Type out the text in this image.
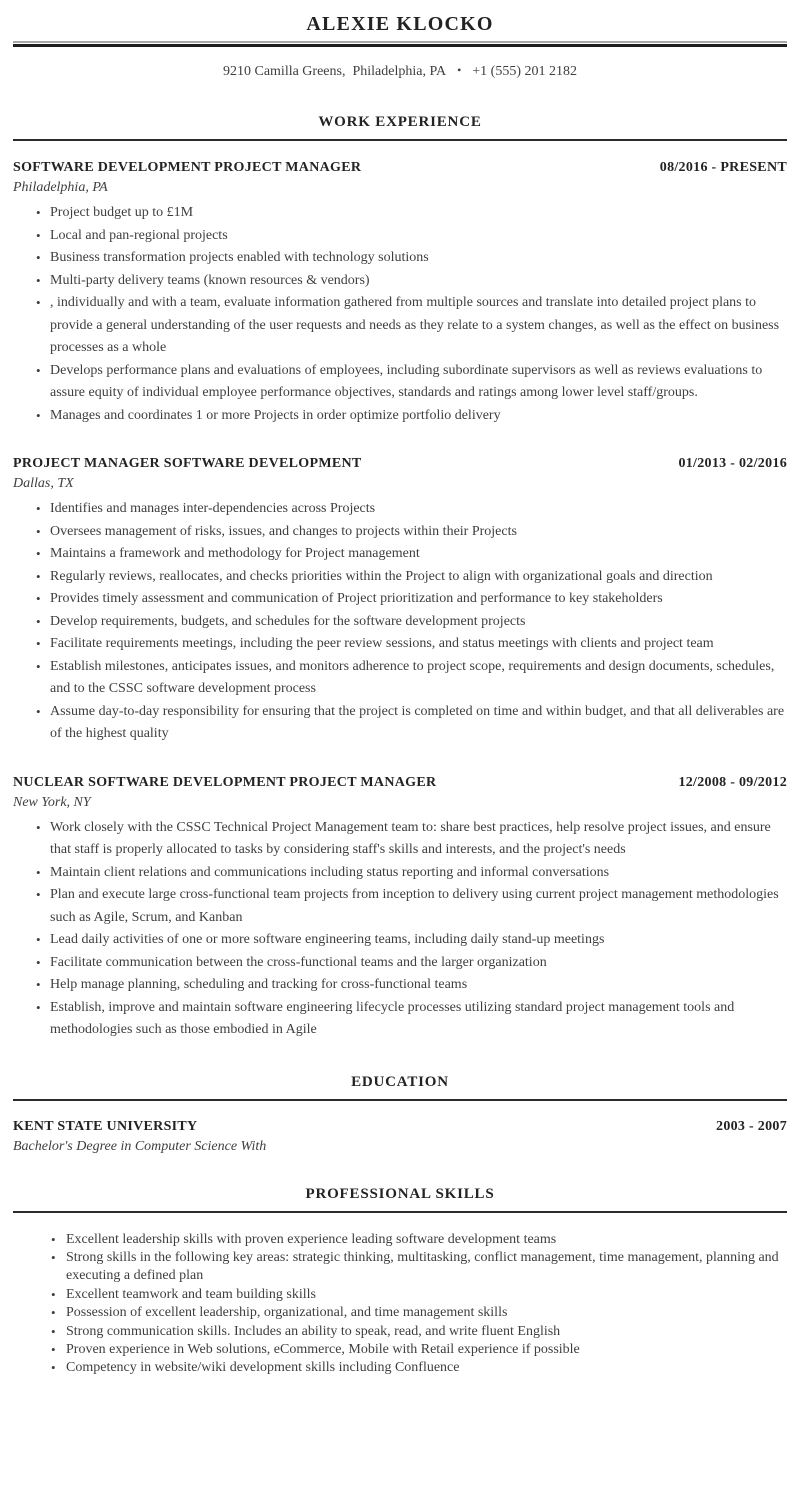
ALEXIE KLOCKO
9210 Camilla Greens,  Philadelphia, PA • +1 (555) 201 2182
WORK EXPERIENCE
SOFTWARE DEVELOPMENT PROJECT MANAGER	08/2016 - PRESENT
Philadelphia, PA
• Project budget up to £1M
• Local and pan-regional projects
• Business transformation projects enabled with technology solutions
• Multi-party delivery teams (known resources & vendors)
• , individually and with a team, evaluate information gathered from multiple sources and translate into detailed project plans to provide a general understanding of the user requests and needs as they relate to a system changes, as well as the effect on business processes as a whole
• Develops performance plans and evaluations of employees, including subordinate supervisors as well as reviews evaluations to assure equity of individual employee performance objectives, standards and ratings among lower level staff/groups.
• Manages and coordinates 1 or more Projects in order optimize portfolio delivery
PROJECT MANAGER SOFTWARE DEVELOPMENT	01/2013 - 02/2016
Dallas, TX
• Identifies and manages inter-dependencies across Projects
• Oversees management of risks, issues, and changes to projects within their Projects
• Maintains a framework and methodology for Project management
• Regularly reviews, reallocates, and checks priorities within the Project to align with organizational goals and direction
• Provides timely assessment and communication of Project prioritization and performance to key stakeholders
• Develop requirements, budgets, and schedules for the software development projects
• Facilitate requirements meetings, including the peer review sessions, and status meetings with clients and project team
• Establish milestones, anticipates issues, and monitors adherence to project scope, requirements and design documents, schedules, and to the CSSC software development process
• Assume day-to-day responsibility for ensuring that the project is completed on time and within budget, and that all deliverables are of the highest quality
NUCLEAR SOFTWARE DEVELOPMENT PROJECT MANAGER	12/2008 - 09/2012
New York, NY
• Work closely with the CSSC Technical Project Management team to: share best practices, help resolve project issues, and ensure that staff is properly allocated to tasks by considering staff's skills and interests, and the project's needs
• Maintain client relations and communications including status reporting and informal conversations
• Plan and execute large cross-functional team projects from inception to delivery using current project management methodologies such as Agile, Scrum, and Kanban
• Lead daily activities of one or more software engineering teams, including daily stand-up meetings
• Facilitate communication between the cross-functional teams and the larger organization
• Help manage planning, scheduling and tracking for cross-functional teams
• Establish, improve and maintain software engineering lifecycle processes utilizing standard project management tools and methodologies such as those embodied in Agile
EDUCATION
KENT STATE UNIVERSITY	2003 - 2007
Bachelor's Degree in Computer Science With
PROFESSIONAL SKILLS
• Excellent leadership skills with proven experience leading software development teams
• Strong skills in the following key areas: strategic thinking, multitasking, conflict management, time management, planning and executing a defined plan
• Excellent teamwork and team building skills
• Possession of excellent leadership, organizational, and time management skills
• Strong communication skills. Includes an ability to speak, read, and write fluent English
• Proven experience in Web solutions, eCommerce, Mobile with Retail experience if possible
• Competency in website/wiki development skills including Confluence
